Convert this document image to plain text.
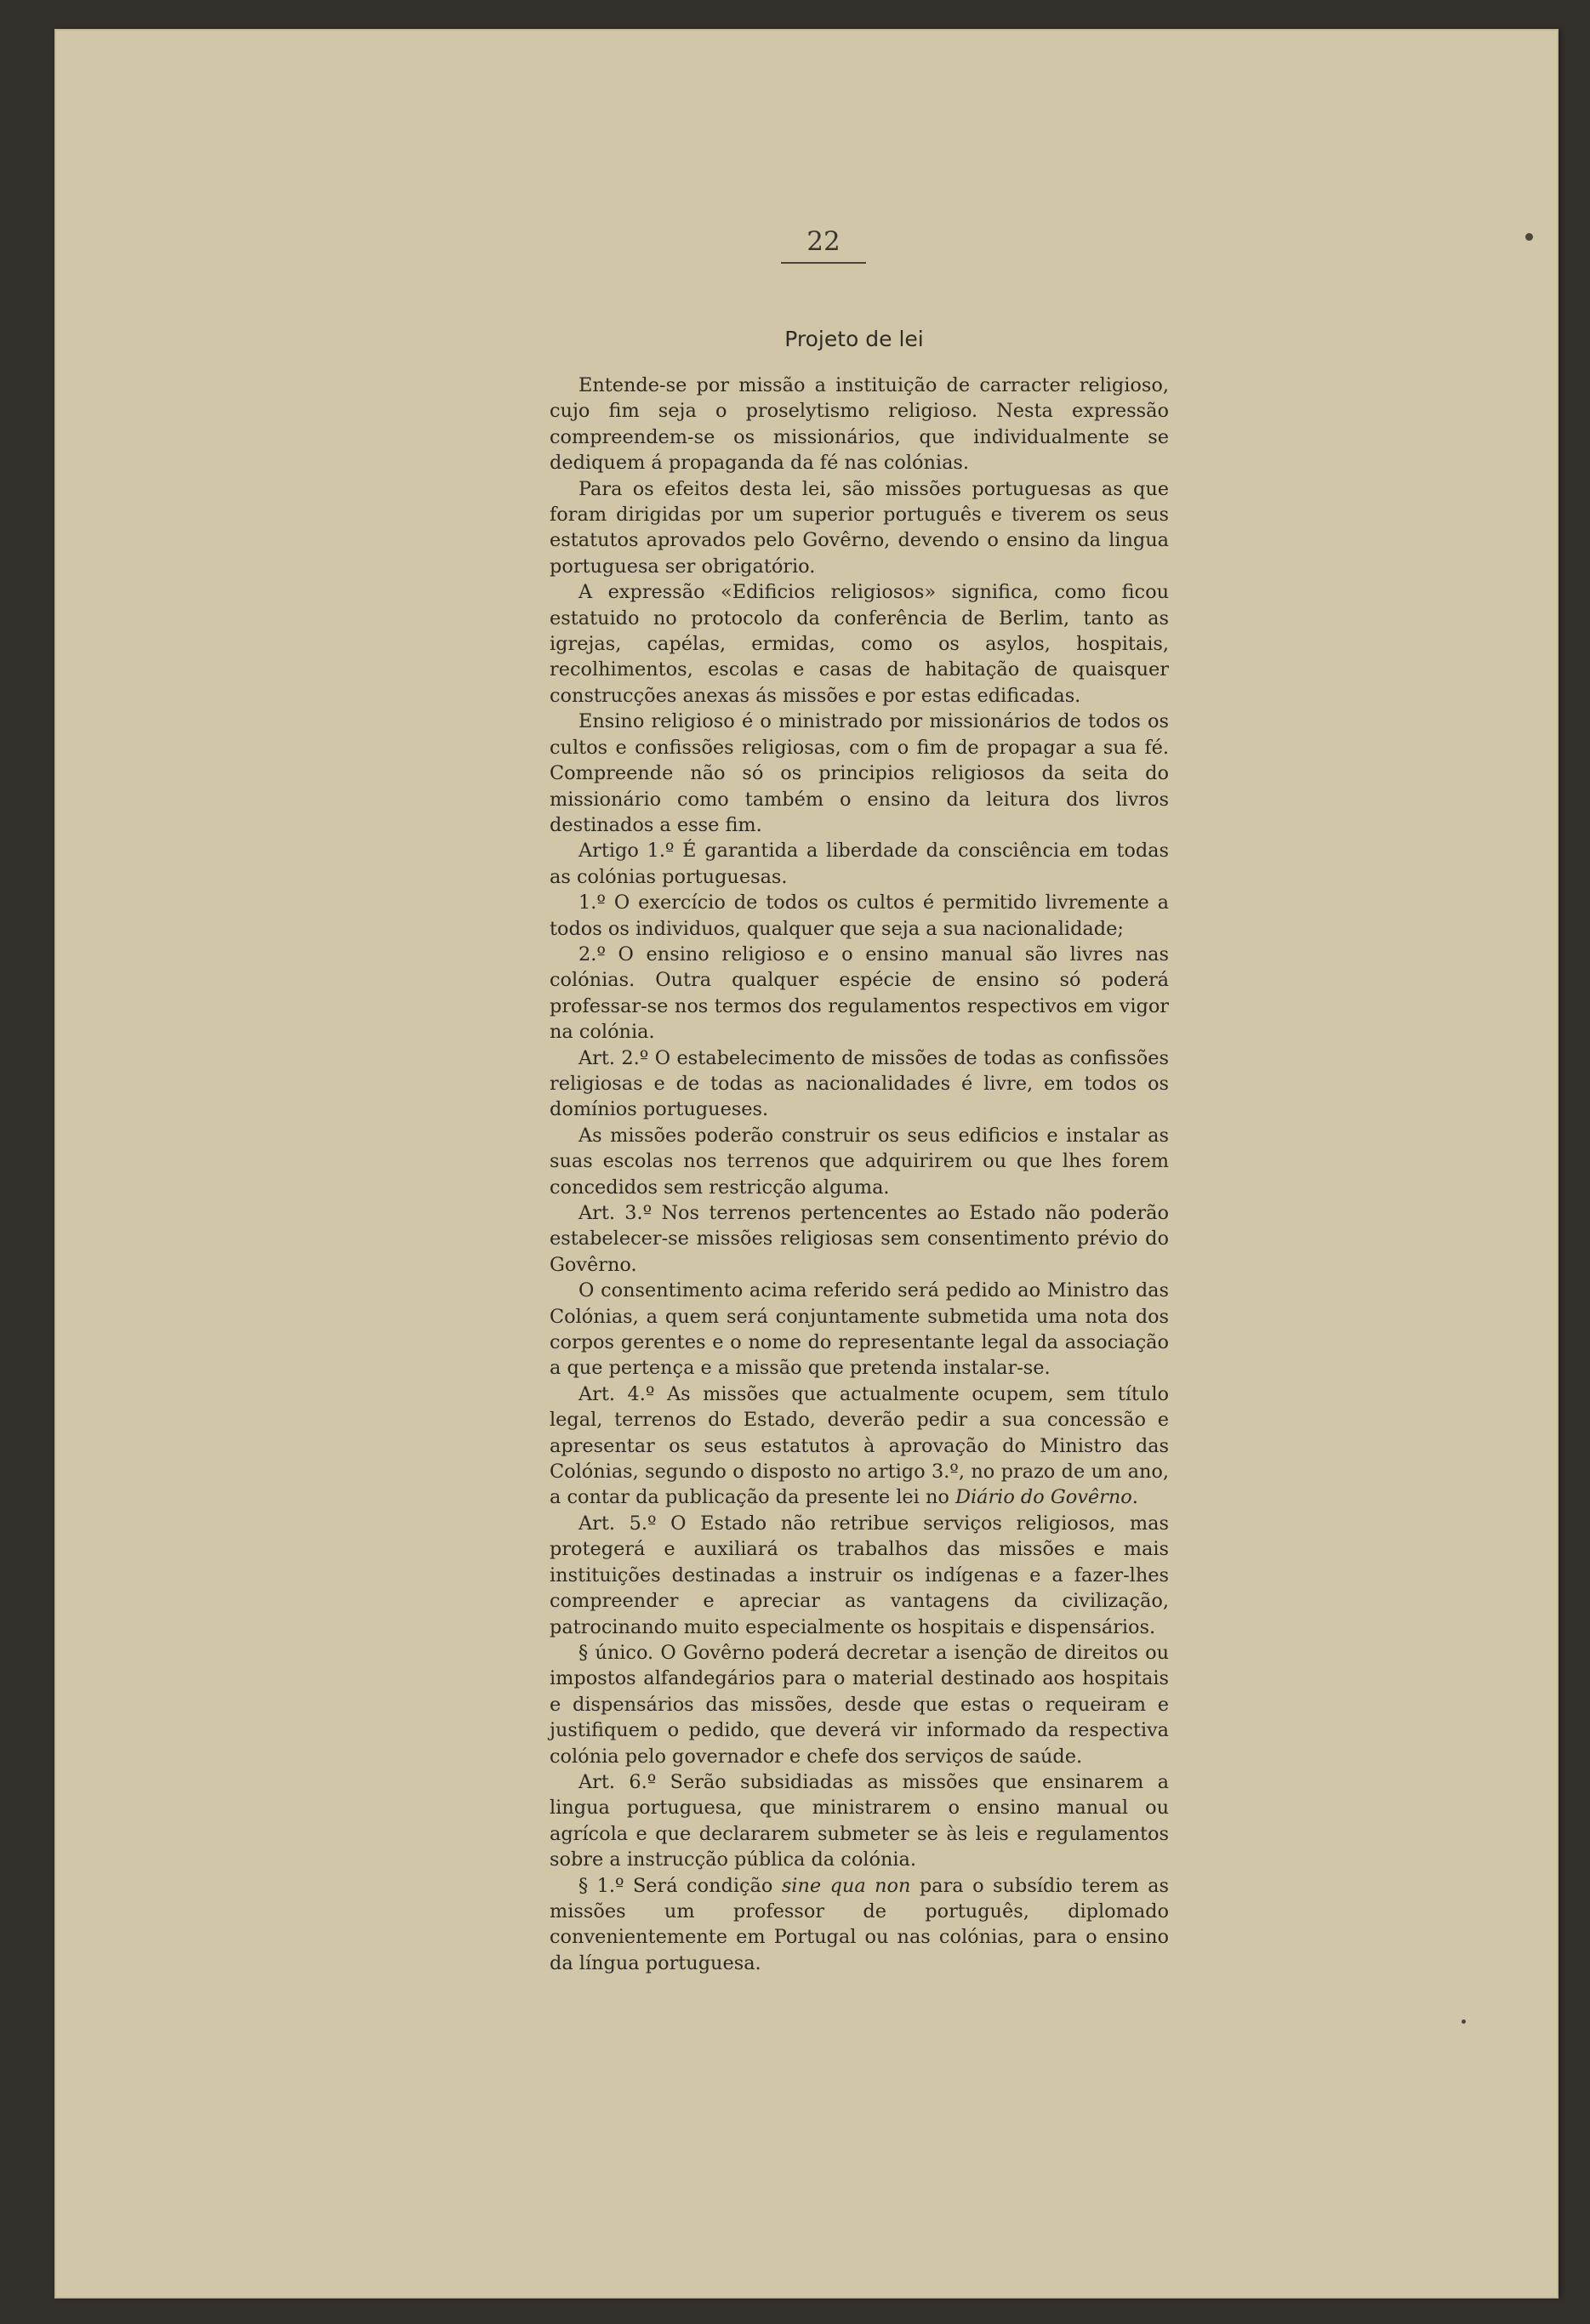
22
Projeto de lei

Entende-se por missão a instituição de carracter religioso, cujo fim seja o proselytismo religioso. Nesta expressão compreendem-se os missionários, que individualmente se dediquem á propaganda da fé nas colónias.

Para os efeitos desta lei, são missões portuguesas as que foram dirigidas por um superior português e tiverem os seus estatutos aprovados pelo Govêrno, devendo o ensino da lingua portuguesa ser obrigatório.

A expressão «Edificios religiosos» significa, como ficou estatuido no protocolo da conferência de Berlim, tanto as igrejas, capélas, ermidas, como os asylos, hospitais, recolhimentos, escolas e casas de habitação de quaisquer construcções anexas ás missões e por estas edificadas.

Ensino religioso é o ministrado por missionários de todos os cultos e confissões religiosas, com o fim de propagar a sua fé. Compreende não só os principios religiosos da seita do missionário como também o ensino da leitura dos livros destinados a esse fim.

Artigo 1.º É garantida a liberdade da consciência em todas as colónias portuguesas.

1.º O exercício de todos os cultos é permitido livremente a todos os individuos, qualquer que seja a sua nacionalidade;

2.º O ensino religioso e o ensino manual são livres nas colónias. Outra qualquer espécie de ensino só poderá professar-se nos termos dos regulamentos respectivos em vigor na colónia.

Art. 2.º O estabelecimento de missões de todas as confissões religiosas e de todas as nacionalidades é livre, em todos os domínios portugueses.

As missões poderão construir os seus edificios e instalar as suas escolas nos terrenos que adquirirem ou que lhes forem concedidos sem restricção alguma.

Art. 3.º Nos terrenos pertencentes ao Estado não poderão estabelecer-se missões religiosas sem consentimento prévio do Govêrno.

O consentimento acima referido será pedido ao Ministro das Colónias, a quem será conjuntamente submetida uma nota dos corpos gerentes e o nome do representante legal da associação a que pertença e a missão que pretenda instalar-se.

Art. 4.º As missões que actualmente ocupem, sem título legal, terrenos do Estado, deverão pedir a sua concessão e apresentar os seus estatutos à aprovação do Ministro das Colónias, segundo o disposto no artigo 3.º, no prazo de um ano, a contar da publicação da presente lei no Diário do Govêrno.

Art. 5.º O Estado não retribue serviços religiosos, mas protegerá e auxiliará os trabalhos das missões e mais instituições destinadas a instruir os indígenas e a fazer-lhes compreender e apreciar as vantagens da civilização, patrocinando muito especialmente os hospitais e dispensários.

§ único. O Govêrno poderá decretar a isenção de direitos ou impostos alfandegários para o material destinado aos hospitais e dispensários das missões, desde que estas o requeiram e justifiquem o pedido, que deverá vir informado da respectiva colónia pelo governador e chefe dos serviços de saúde.

Art. 6.º Serão subsidiadas as missões que ensinarem a lingua portuguesa, que ministrarem o ensino manual ou agrícola e que declararem submeter se às leis e regulamentos sobre a instrucção pública da colónia.

§ 1.º Será condição sine qua non para o subsídio terem as missões um professor de português, diplomado convenientemente em Portugal ou nas colónias, para o ensino da língua portuguesa.
